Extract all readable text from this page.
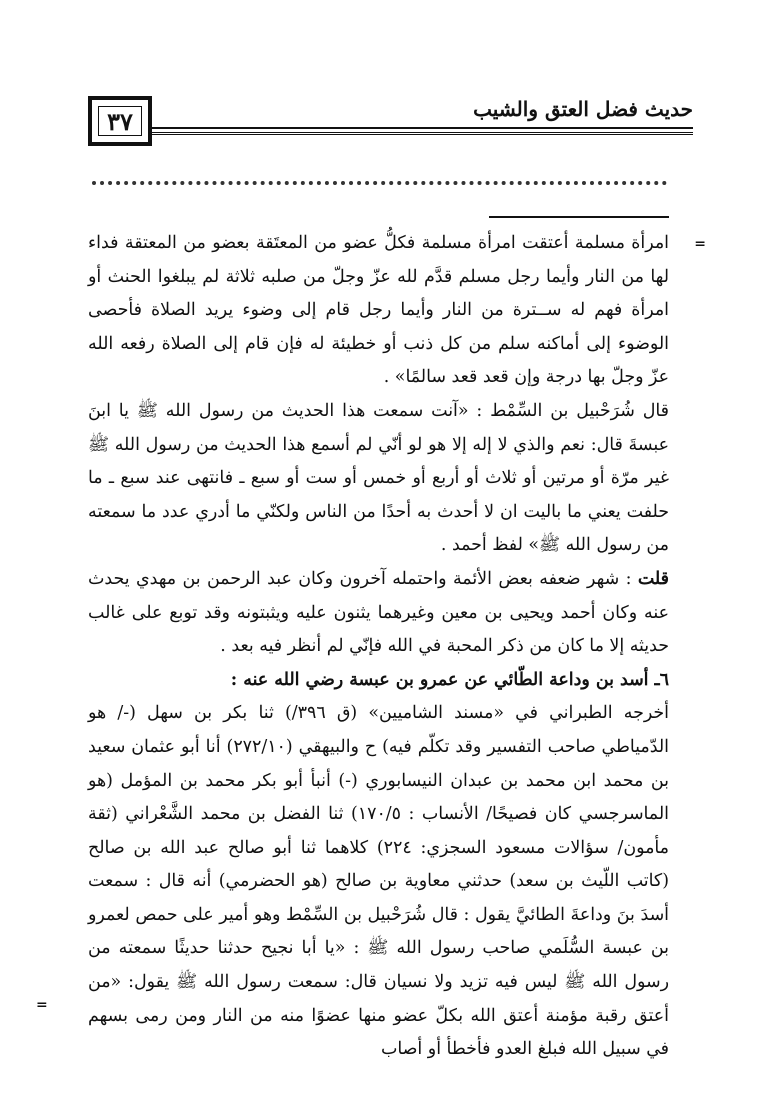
٣٧	حديث فضل العتق والشيب
=
=

امرأة مسلمة أعتقت امرأة مسلمة فكلُّ عضو من المعتَقة بعضو من المعتقة فداء لها من النار وأيما رجل مسلم قدَّم لله عزّ وجلّ من صلبه ثلاثة لم يبلغوا الحنث أو امرأة فهم له ســترة من النار وأيما رجل قام إلى وضوء يريد الصلاة فأحصى الوضوء إلى أماكنه سلم من كل ذنب أو خطيئة له فإن قام إلى الصلاة رفعه الله عزّ وجلّ بها درجة وإن قعد قعد سالمًا» .

قال شُرَحْبيل بن السِّمْط : «آنت سمعت هذا الحديث من رسول الله ﷺ يا ابنَ عبسةَ قال: نعم والذي لا إله إلا هو لو أنّي لم أسمع هذا الحديث من رسول الله ﷺ غير مرّة أو مرتين أو ثلاث أو أربع أو خمس أو ست أو سبع ـ فانتهى عند سبع ـ ما حلفت يعني ما باليت ان لا أحدث به أحدًا من الناس ولكنّي ما أدري عدد ما سمعته من رسول الله ﷺ» لفظ أحمد .

قلت : شهر ضعفه بعض الأئمة واحتمله آخرون وكان عبد الرحمن بن مهدي يحدث عنه وكان أحمد ويحيى بن معين وغيرهما يثنون عليه ويثبتونه وقد توبع على غالب حديثه إلا ما كان من ذكر المحبة في الله فإنّي لم أنظر فيه بعد .

٦ـ أسد بن وداعة الطّائي عن عمرو بن عبسة رضي الله عنه :

أخرجه الطبراني في «مسند الشاميين» (ق ٣٩٦/) ثنا بكر بن سهل (-/ هو الدّمياطي صاحب التفسير وقد تكلّم فيه) ح والبيهقي (٢٧٢/١٠) أنا أبو عثمان سعيد بن محمد ابن محمد بن عبدان النيسابوري (-) أنبأ أبو بكر محمد بن المؤمل (هو الماسرجسي كان فصيحًا/ الأنساب : ١٧٠/٥) ثنا الفضل بن محمد الشَّعْراني (ثقة مأمون/ سؤالات مسعود السجزي: ٢٢٤) كلاهما ثنا أبو صالح عبد الله بن صالح (كاتب اللّيث بن سعد) حدثني معاوية بن صالح (هو الحضرمي) أنه قال : سمعت أسدَ بنَ وداعةَ الطائيَّ يقول : قال شُرَحْبيل بن السِّمْط وهو أمير على حمص لعمرو بن عبسة السُّلَمي صاحب رسول الله ﷺ : «يا أبا نجيح حدثنا حديثًا سمعته من رسول الله ﷺ ليس فيه تزيد ولا نسيان قال: سمعت رسول الله ﷺ يقول: «من أعتق رقبة مؤمنة أعتق الله بكلّ عضو منها عضوًا منه من النار ومن رمى بسهم في سبيل الله فبلغ العدو فأخطأ أو أصاب
